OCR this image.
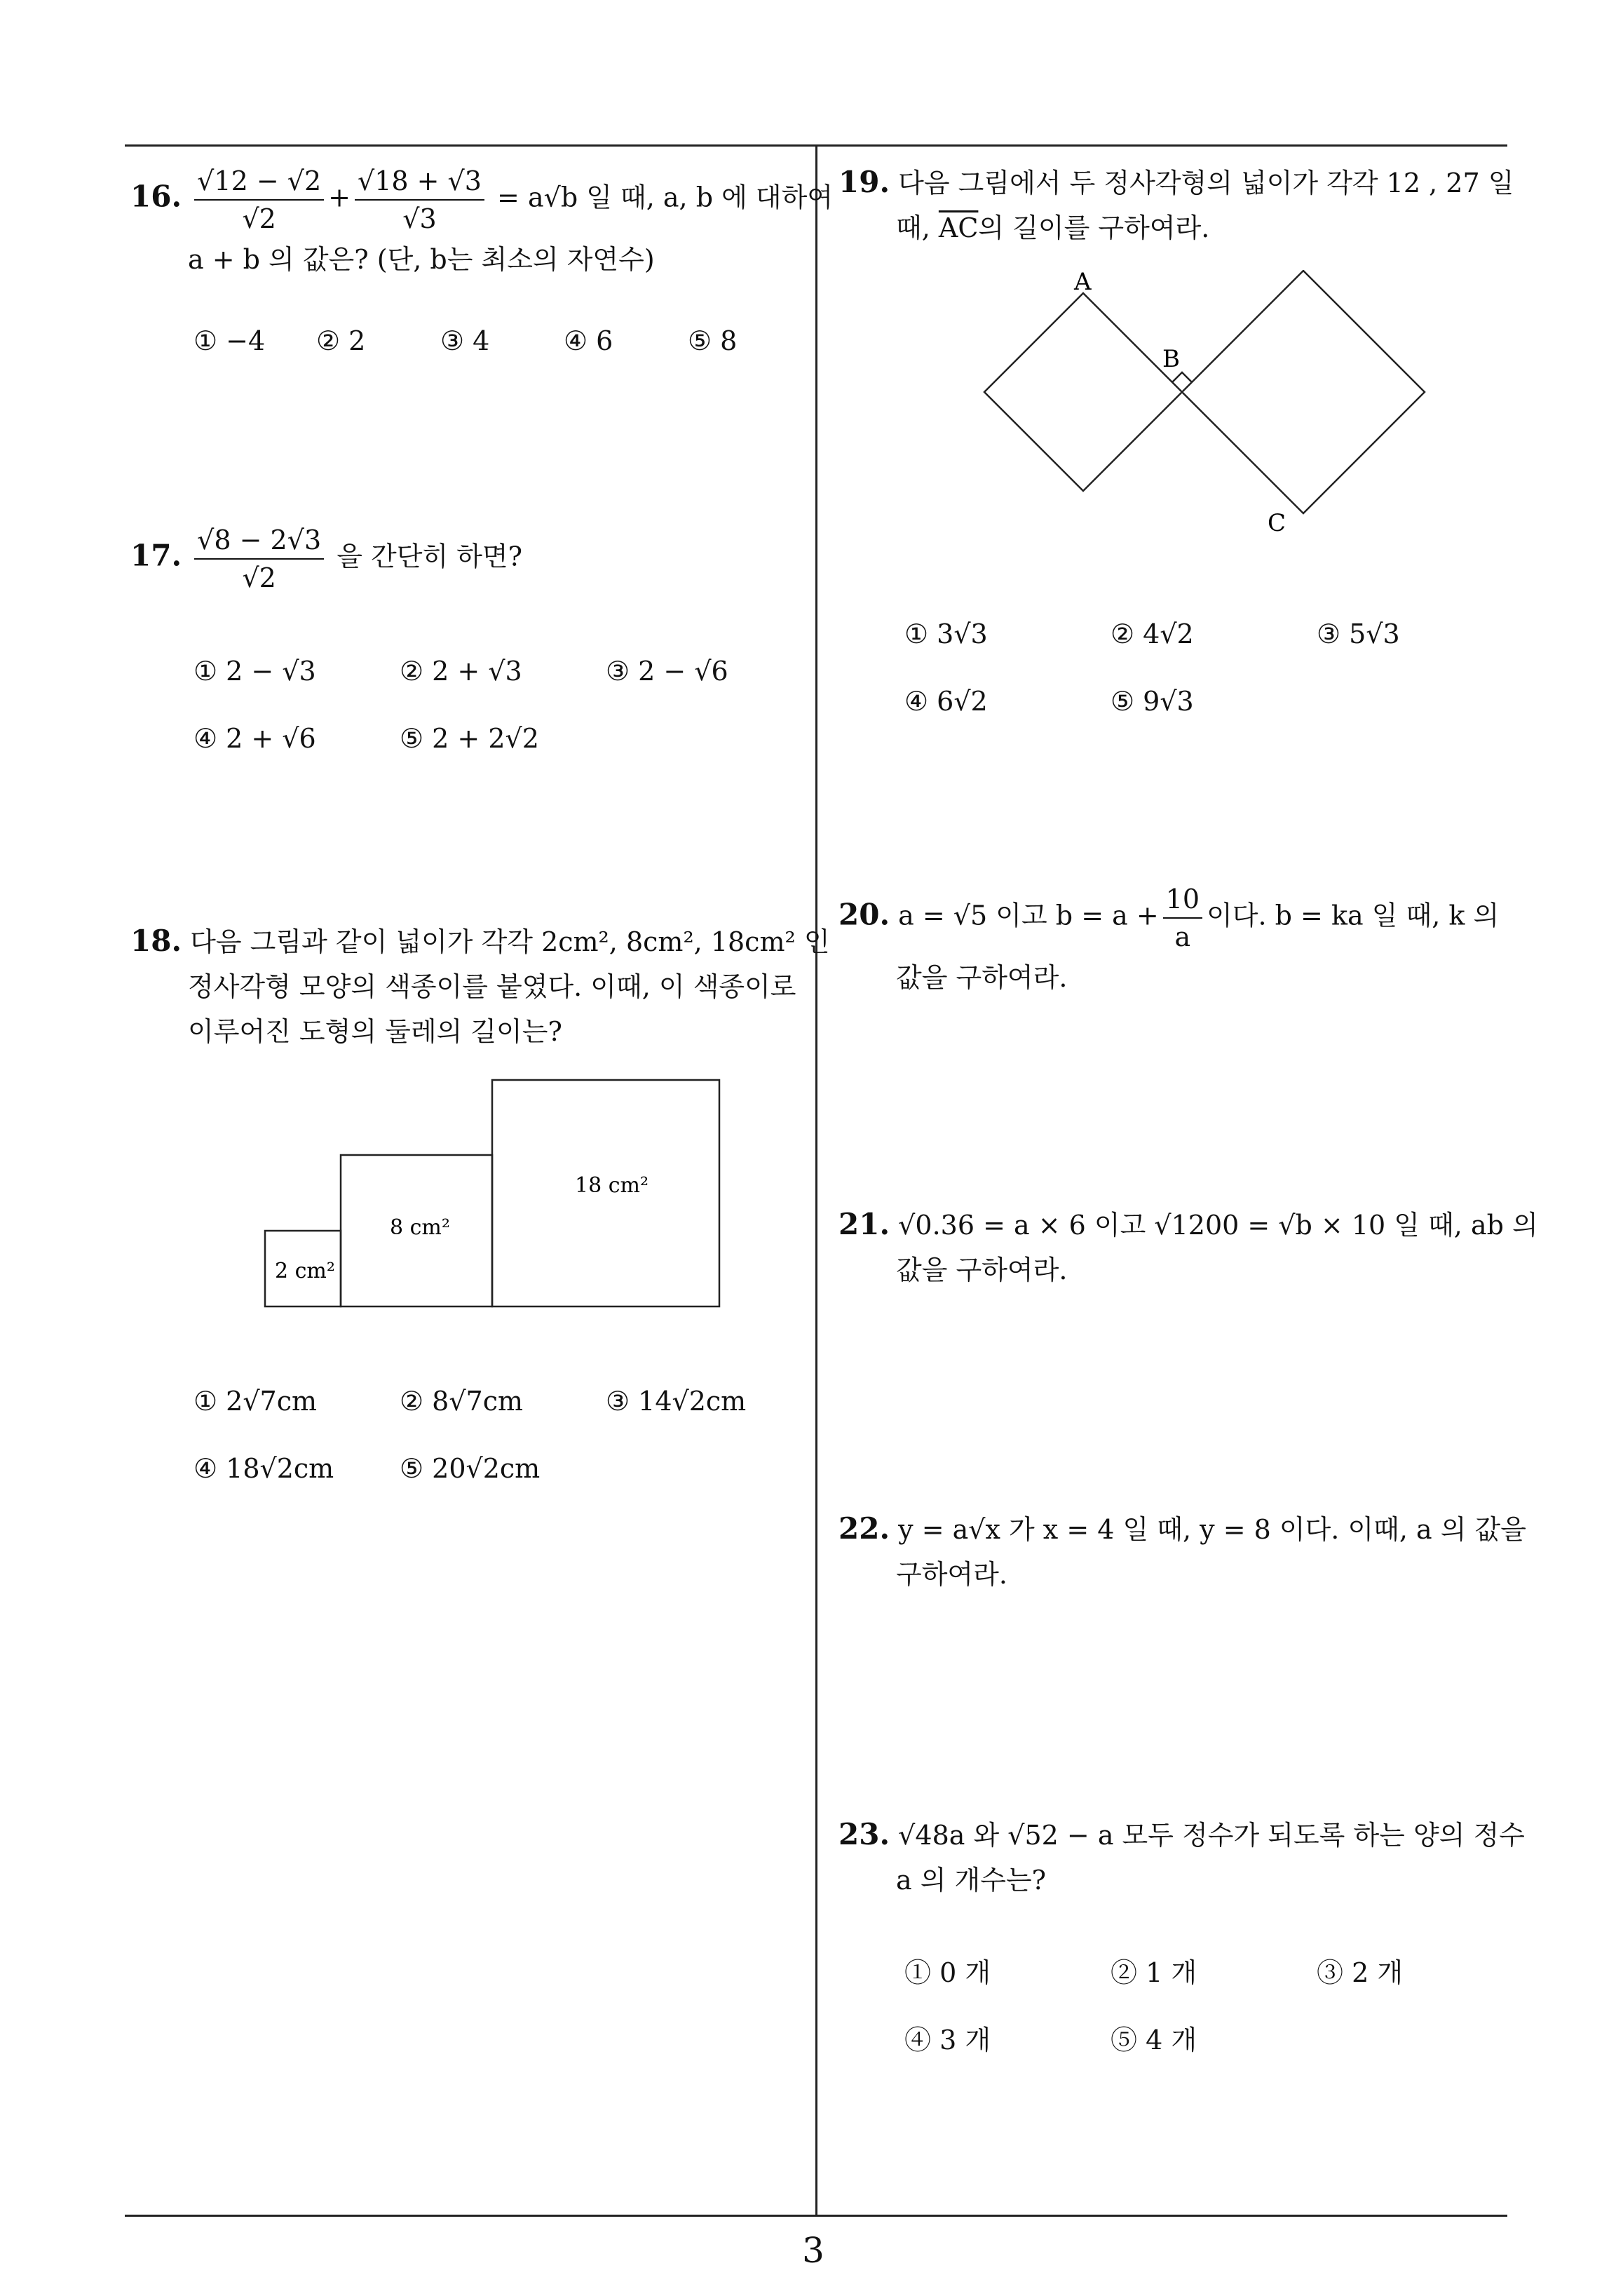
16. $\frac{√12 - √2}{√2} + \frac{√18 + √3}{√3} = a√b$ 일 때, a, b 에 대하여
a + b 의 값은? (단, b는 최소의 자연수)
① −4 ② 2	③ 4	④ 6	⑤ 8
17. $\frac{√8 - 2√3}{√2}$ 을 간단히 하면?
① 2 − √3	② 2 + √3	③ 2 − √6
④ 2 + √6	⑤ 2 + 2√2
18. 다음 그림과 같이 넓이가 각각 2cm², 8cm², 18cm² 인
정사각형 모양의 색종이를 붙였다. 이때, 이 색종이로
이루어진 도형의 둘레의 길이는?
2 cm²
8 cm²
18 cm²
① 2√7cm	② 8√7cm	③ 14√2cm
④ 18√2cm ⑤ 20√2cm
19. 다음 그림에서 두 정사각형의 넓이가 각각 12 , 27 일
때, $\overline{AC}$의 길이를 구하여라.
A
B
C
① 3√3	② 4√2	③ 5√3
④ 6√2	⑤ 9√3
20. a = √5 이고 $b = a + \frac{10}{a}$ 이다. b = ka 일 때, k 의
값을 구하여라.
21. √0.36 = a × 6 이고 √1200 = √b × 10 일 때, ab 의
값을 구하여라.
22. y = a√x 가 x = 4 일 때, y = 8 이다. 이때, a 의 값을
구하여라.
23. √48a 와 √52 − a 모두 정수가 되도록 하는 양의 정수
a 의 개수는?
① 0 개	② 1 개	③ 2 개
④ 3 개	⑤ 4 개
3
